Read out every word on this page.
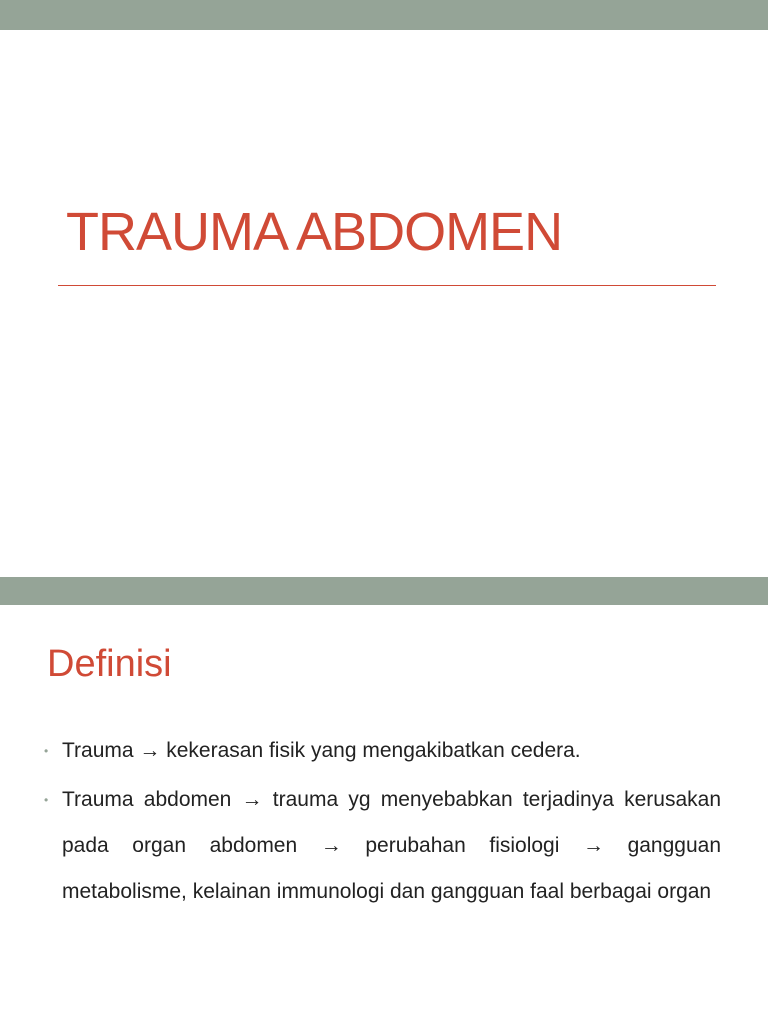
TRAUMA ABDOMEN
Definisi
• Trauma → kekerasan fisik yang mengakibatkan cedera.
• Trauma abdomen → trauma yg menyebabkan terjadinya kerusakan pada organ abdomen → perubahan fisiologi → gangguan metabolisme, kelainan immunologi dan gangguan faal berbagai organ
